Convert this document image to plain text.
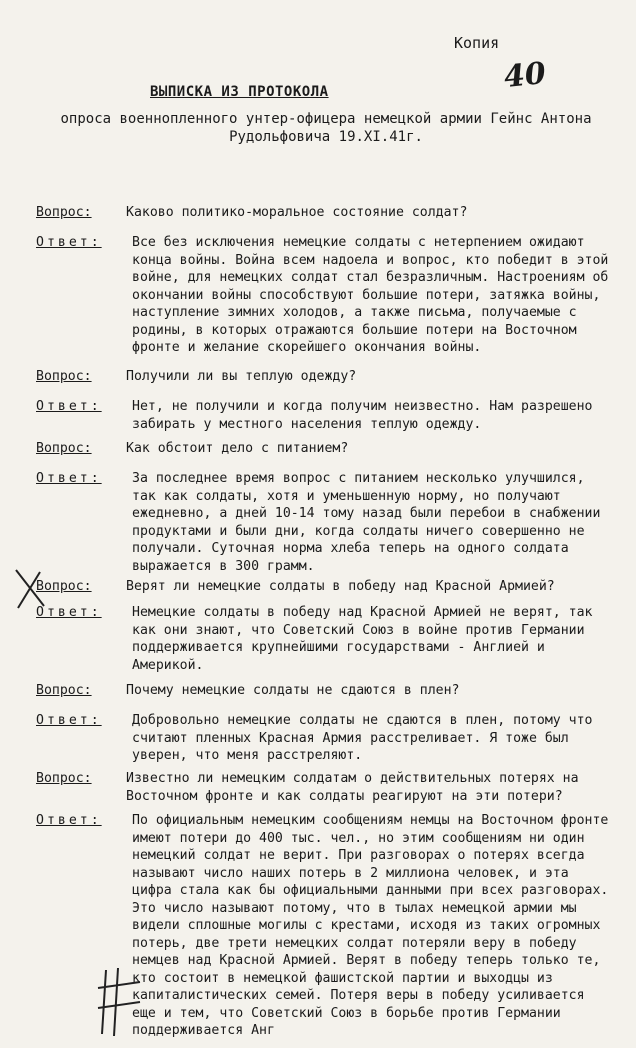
Копия
40
ВЫПИСКА ИЗ ПРОТОКОЛА
опроса военнопленного унтер-офицера немецкой армии Гейнс Антона Рудольфовича 19.XI.41г.
Вопрос:	Каково политико-моральное состояние солдат?
Ответ: Все без исключения немецкие солдаты с нетерпением ожидают конца войны. Война всем надоела и вопрос, кто победит в этой войне, для немецких солдат стал безразличным. Настроениям об окончании войны способствуют большие потери, затяжка войны, наступление зимних холодов, а также письма, получаемые с родины, в которых отражаются большие потери на Восточном фронте и желание скорейшего окончания войны.
Вопрос:	Получили ли вы теплую одежду?
Ответ: Нет, не получили и когда получим неизвестно. Нам разрешено забирать у местного населения теплую одежду.
Вопрос:	Как обстоит дело с питанием?
Ответ: За последнее время вопрос с питанием несколько улучшился, так как солдаты, хотя и уменьшенную норму, но получают ежедневно, а дней 10-14 тому назад были перебои в снабжении продуктами и были дни, когда солдаты ничего совершенно не получали. Суточная норма хлеба теперь на одного солдата выражается в 300 грамм.
Вопрос:	Верят ли немецкие солдаты в победу над Красной Армией?
Ответ: Немецкие солдаты в победу над Красной Армией не верят, так как они знают, что Советский Союз в войне против Германии поддерживается крупнейшими государствами - Англией и Америкой.
Вопрос:	Почему немецкие солдаты не сдаются в плен?
Ответ: Добровольно немецкие солдаты не сдаются в плен, потому что считают пленных Красная Армия расстреливает. Я тоже был уверен, что меня расстреляют.
Вопрос:	Известно ли немецким солдатам о действительных потерях на Восточном фронте и как солдаты реагируют на эти потери?
Ответ: По официальным немецким сообщениям немцы на Восточном фронте имеют потери до 400 тыс. чел., но этим сообщениям ни один немецкий солдат не верит. При разговорах о потерях всегда называют число наших потерь в 2 миллиона человек, и эта цифра стала как бы официальными данными при всех разговорах. Это число называют потому, что в тылах немецкой армии мы видели сплошные могилы с крестами, исходя из таких огромных потерь, две трети немецких солдат потеряли веру в победу немцев над Красной Армией. Верят в победу теперь только те, кто состоит в немецкой фашистской партии и выходцы из капиталистических семей. Потеря веры в победу усиливается еще и тем, что Советский Союз в борьбе против Германии поддерживается Анг
